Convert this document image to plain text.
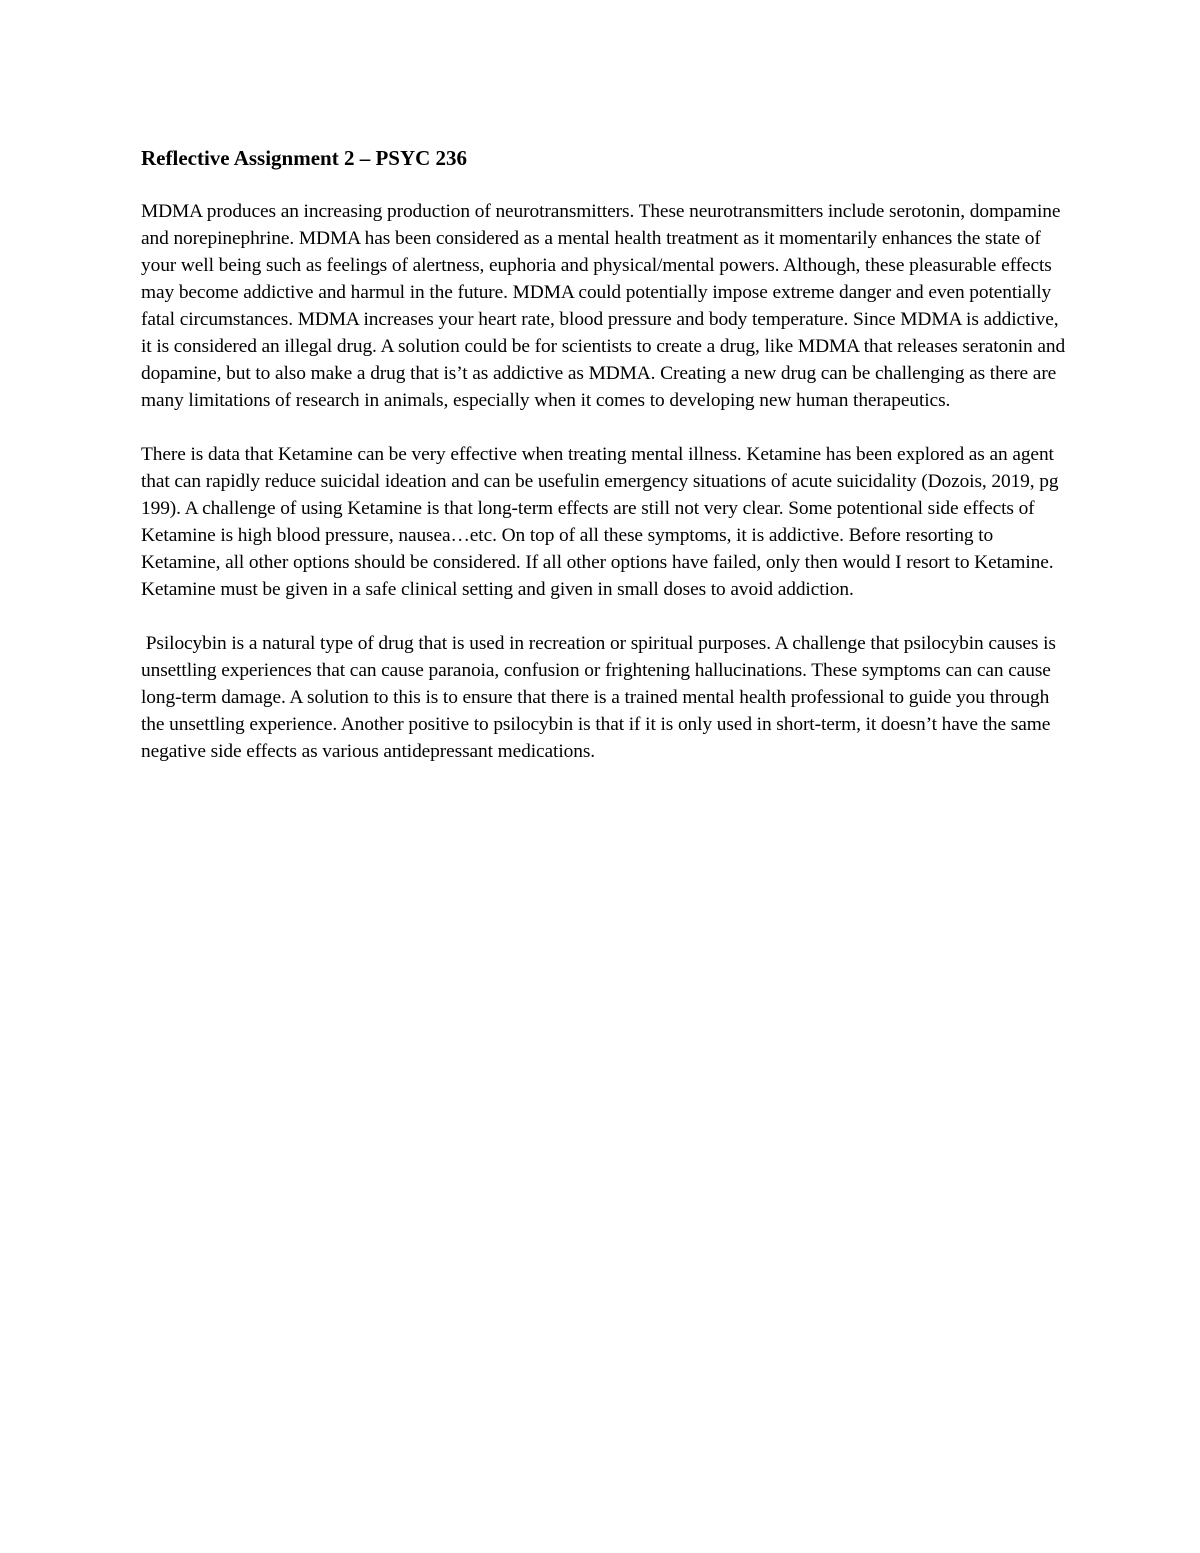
Reflective Assignment 2 – PSYC 236

MDMA produces an increasing production of neurotransmitters. These neurotransmitters include serotonin, dompamine and norepinephrine. MDMA has been considered as a mental health treatment as it momentarily enhances the state of your well being such as feelings of alertness, euphoria and physical/mental powers. Although, these pleasurable effects may become addictive and harmul in the future. MDMA could potentially impose extreme danger and even potentially fatal circumstances. MDMA increases your heart rate, blood pressure and body temperature. Since MDMA is addictive, it is considered an illegal drug. A solution could be for scientists to create a drug, like MDMA that releases seratonin and dopamine, but to also make a drug that is’t as addictive as MDMA. Creating a new drug can be challenging as there are many limitations of research in animals, especially when it comes to developing new human therapeutics.

There is data that Ketamine can be very effective when treating mental illness. Ketamine has been explored as an agent that can rapidly reduce suicidal ideation and can be usefulin emergency situations of acute suicidality (Dozois, 2019, pg 199). A challenge of using Ketamine is that long-term effects are still not very clear. Some potentional side effects of Ketamine is high blood pressure, nausea…etc. On top of all these symptoms, it is addictive. Before resorting to Ketamine, all other options should be considered. If all other options have failed, only then would I resort to Ketamine. Ketamine must be given in a safe clinical setting and given in small doses to avoid addiction.

Psilocybin is a natural type of drug that is used in recreation or spiritual purposes. A challenge that psilocybin causes is unsettling experiences that can cause paranoia, confusion or frightening hallucinations. These symptoms can can cause long-term damage. A solution to this is to ensure that there is a trained mental health professional to guide you through the unsettling experience. Another positive to psilocybin is that if it is only used in short-term, it doesn’t have the same negative side effects as various antidepressant medications.
